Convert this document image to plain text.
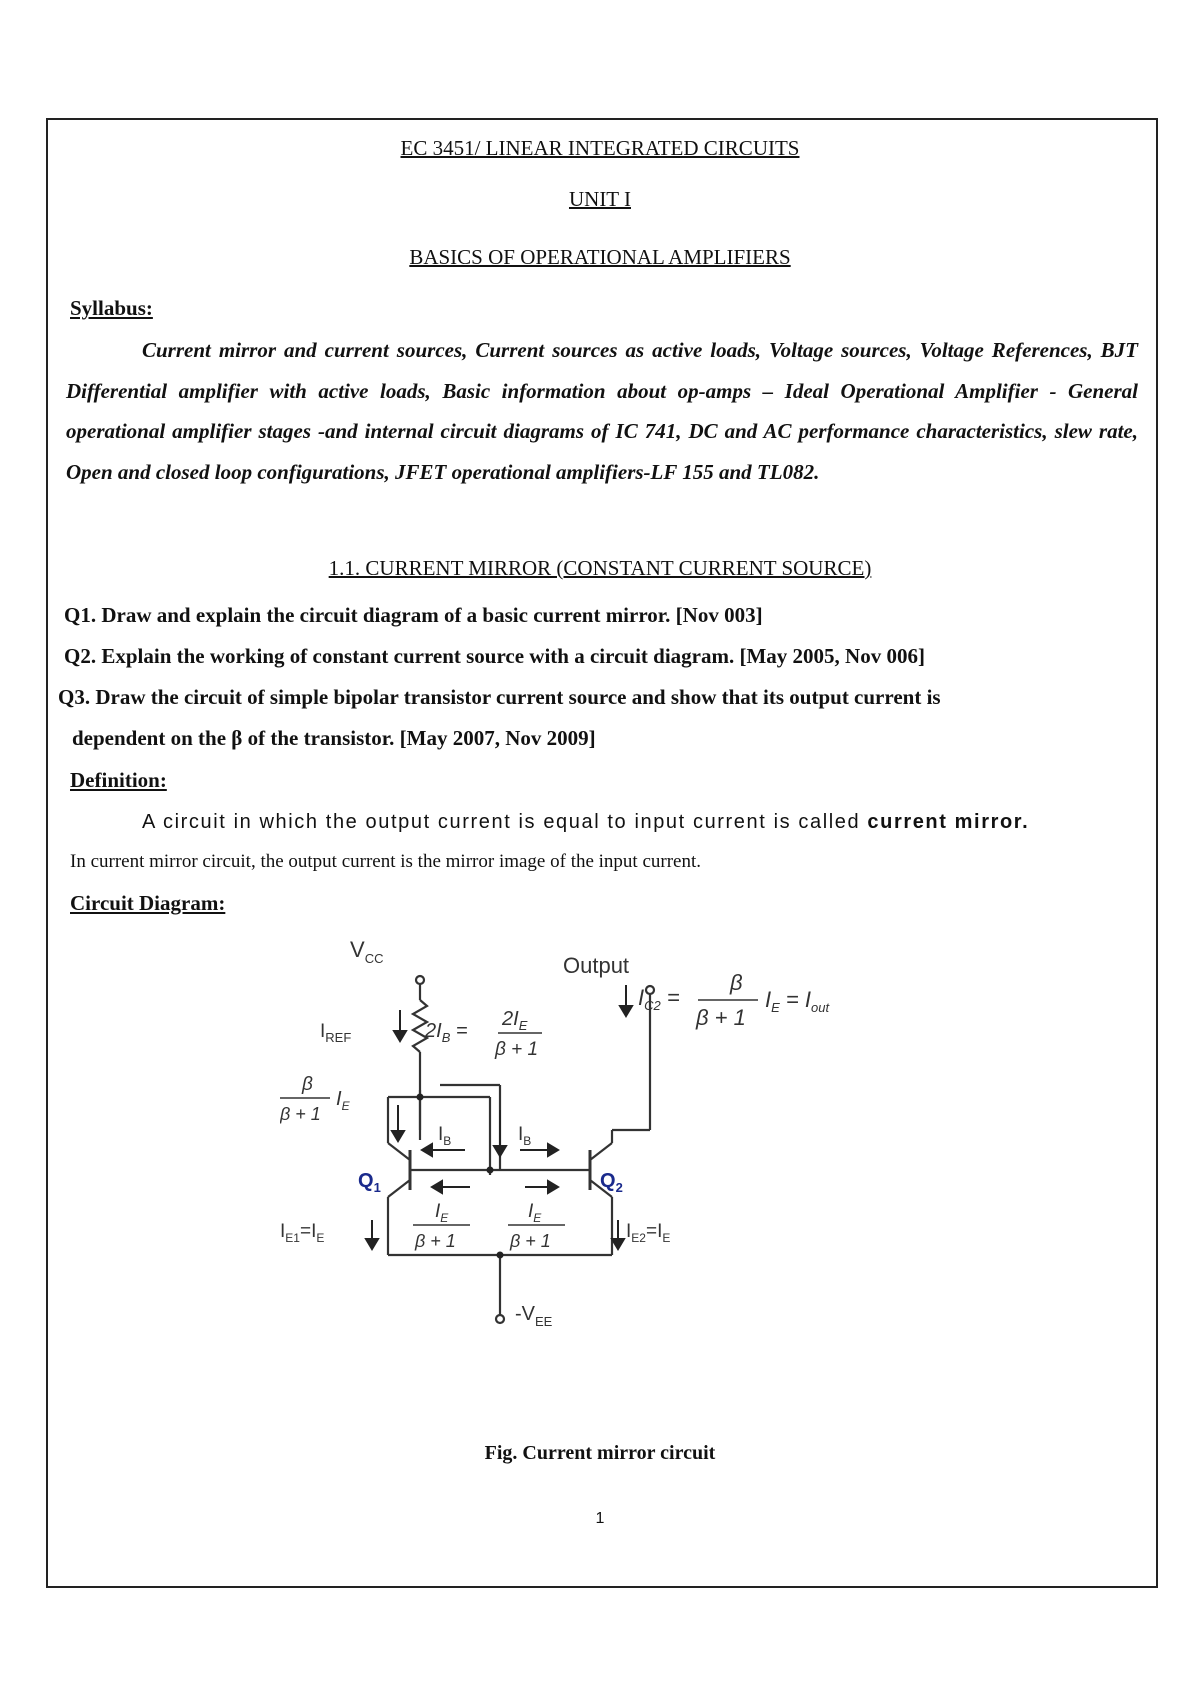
EC 3451/ LINEAR INTEGRATED CIRCUITS
UNIT I
BASICS OF OPERATIONAL AMPLIFIERS
Syllabus:
Current mirror and current sources, Current sources as active loads, Voltage sources, Voltage References, BJT Differential amplifier with active loads, Basic information about op-amps – Ideal Operational Amplifier - General operational amplifier stages -and internal circuit diagrams of IC 741, DC and AC performance characteristics, slew rate, Open and closed loop configurations, JFET operational amplifiers-LF 155 and TL082.
1.1. CURRENT MIRROR (CONSTANT CURRENT SOURCE)
Q1. Draw and explain the circuit diagram of a basic current mirror. [Nov 003]
Q2. Explain the working of constant current source with a circuit diagram. [May 2005, Nov 006]
Q3. Draw the circuit of simple bipolar transistor current source and show that its output current is
dependent on the β of the transistor. [May 2007, Nov 2009]
Definition:
A circuit in which the output current is equal to input current is called current mirror.
In current mirror circuit, the output current is the mirror image of the input current.
Circuit Diagram:
$V_{CC}$	Output
$I_{REF}$	$2I_B$ =
$2I_E$
β + 1
$I_{C2}$ =
β
β + 1
$I_E = I_{out}$
β
β + 1
$I_E$
$I_B$	$I_B$
$Q_1$	$Q_2$
$I_E$
β + 1
$I_E$
β + 1
$I_{E1}=I_E$	$I_{E2}=I_E$
$-V_{EE}$
Fig. Current mirror circuit
1
